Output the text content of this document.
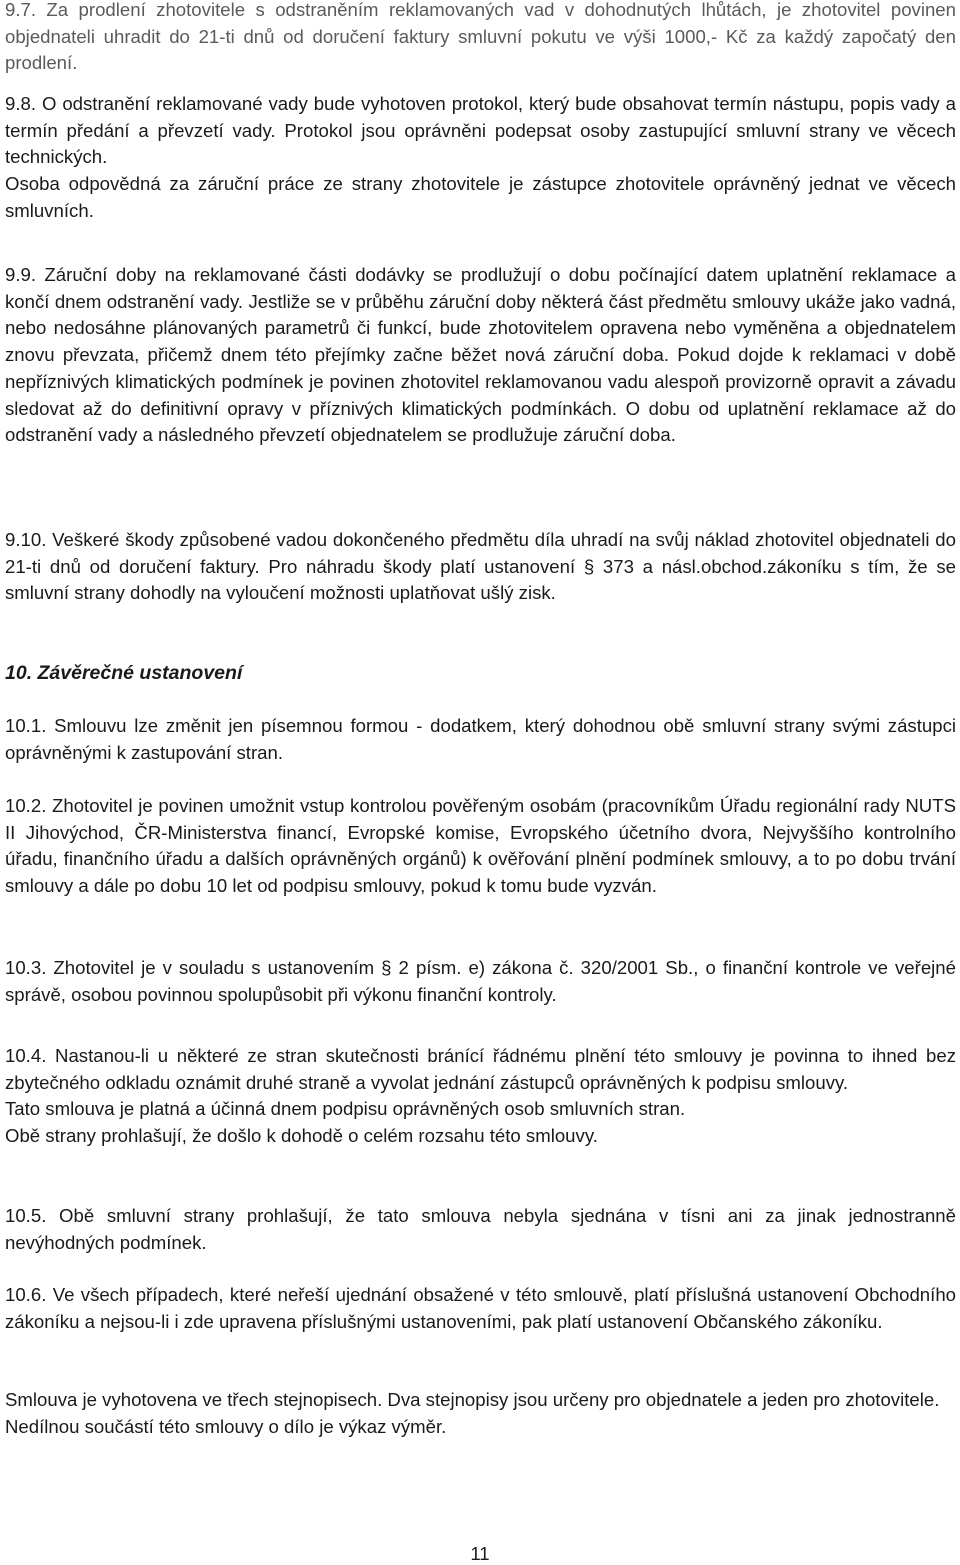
9.7. Za prodlení zhotovitele s odstraněním reklamovaných vad v dohodnutých lhůtách, je zhotovitel povinen objednateli uhradit do 21-ti dnů od doručení faktury smluvní pokutu ve výši 1000,- Kč za každý započatý den prodlení.

9.8. O odstranění reklamované vady bude vyhotoven protokol, který bude obsahovat termín nástupu, popis vady a termín předání a převzetí vady. Protokol jsou oprávněni podepsat osoby zastupující smluvní strany ve věcech technických.

Osoba odpovědná za záruční práce ze strany zhotovitele je zástupce zhotovitele oprávněný jednat ve věcech smluvních.

9.9. Záruční doby na reklamované části dodávky se prodlužují o dobu počínající datem uplatnění reklamace a končí dnem odstranění vady. Jestliže se v průběhu záruční doby některá část předmětu smlouvy ukáže jako vadná, nebo nedosáhne plánovaných parametrů či funkcí, bude zhotovitelem opravena nebo vyměněna a objednatelem znovu převzata, přičemž dnem této přejímky začne běžet nová záruční doba. Pokud dojde k reklamaci v době nepříznivých klimatických podmínek je povinen zhotovitel reklamovanou vadu alespoň provizorně opravit a závadu sledovat až do definitivní opravy v příznivých klimatických podmínkách. O dobu od uplatnění reklamace až do odstranění vady a následného převzetí objednatelem se prodlužuje záruční doba.

9.10. Veškeré škody způsobené vadou dokončeného předmětu díla uhradí na svůj náklad zhotovitel objednateli do 21-ti dnů od doručení faktury. Pro náhradu škody platí ustanovení § 373 a násl.obchod.zákoníku s tím, že se smluvní strany dohodly na vyloučení možnosti uplatňovat ušlý zisk.

10. Závěrečné ustanovení

10.1. Smlouvu lze změnit jen písemnou formou - dodatkem, který dohodnou obě smluvní strany svými zástupci oprávněnými k zastupování stran.

10.2. Zhotovitel je povinen umožnit vstup kontrolou pověřeným osobám (pracovníkům Úřadu regionální rady NUTS II Jihovýchod, ČR-Ministerstva financí, Evropské komise, Evropského účetního dvora, Nejvyššího kontrolního úřadu, finančního úřadu a dalších oprávněných orgánů) k ověřování plnění podmínek smlouvy, a to po dobu trvání smlouvy a dále po dobu 10 let od podpisu smlouvy, pokud k tomu bude vyzván.

10.3. Zhotovitel je v souladu s ustanovením § 2 písm. e) zákona č. 320/2001 Sb., o finanční kontrole ve veřejné správě, osobou povinnou spolupůsobit při výkonu finanční kontroly.

10.4. Nastanou-li u některé ze stran skutečnosti bránící řádnému plnění této smlouvy je povinna to ihned bez zbytečného odkladu oznámit druhé straně a vyvolat jednání zástupců oprávněných k podpisu smlouvy.

Tato smlouva je platná a účinná dnem podpisu oprávněných osob smluvních stran.

Obě strany prohlašují, že došlo k dohodě o celém rozsahu této smlouvy.

10.5. Obě smluvní strany prohlašují, že tato smlouva nebyla sjednána v tísni ani za jinak jednostranně nevýhodných podmínek.

10.6. Ve všech případech, které neřeší ujednání obsažené v této smlouvě, platí příslušná ustanovení Obchodního zákoníku a nejsou-li i zde upravena příslušnými ustanoveními, pak platí ustanovení Občanského zákoníku.

Smlouva je vyhotovena ve třech stejnopisech. Dva stejnopisy jsou určeny pro objednatele a jeden pro zhotovitele.

Nedílnou součástí této smlouvy o dílo je výkaz výměr.

11
